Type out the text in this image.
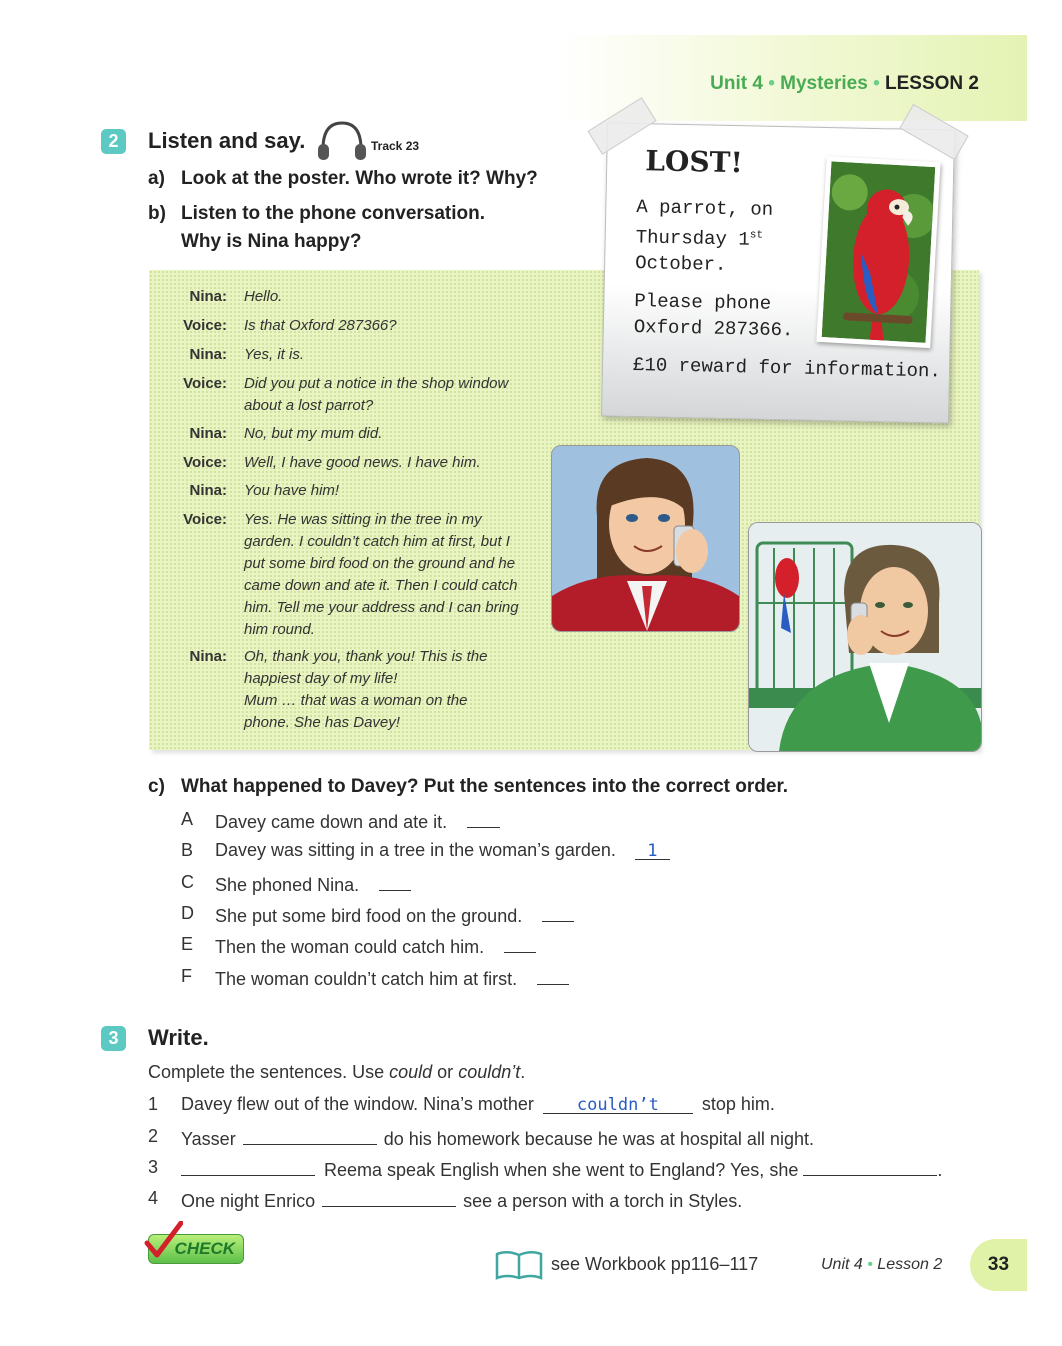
Unit 4 • Mysteries • LESSON 2
2	Listen and say.	Track 23
a) Look at the poster. Who wrote it? Why?
b) Listen to the phone conversation.
Why is Nina happy?
Nina: Hello.
Voice: Is that Oxford 287366?
Nina: Yes, it is.
Voice: Did you put a notice in the shop window
about a lost parrot?
Nina: No, but my mum did.
Voice: Well, I have good news. I have him.
Nina: You have him!
Voice: Yes. He was sitting in the tree in my
garden. I couldn’t catch him at first, but I
put some bird food on the ground and he
came down and ate it. Then I could catch
him. Tell me your address and I can bring
him round.
Nina: Oh, thank you, thank you! This is the
happiest day of my life!
Mum … that was a woman on the
phone. She has Davey!
LOST!
A parrot, on
Thursday 1st
October.
Please phone
Oxford 287366.
£10 reward for information.
c) What happened to Davey? Put the sentences into the correct order.
A Davey came down and ate it.
B Davey was sitting in a tree in the woman’s garden. 1
C She phoned Nina.
D She put some bird food on the ground.
E Then the woman could catch him.
F The woman couldn’t catch him at first.
3	Write.
Complete the sentences. Use could or couldn’t.
1 Davey flew out of the window. Nina’s mother	couldn’t stop him.
2 Yasser	do his homework because he was at hospital all night.
3	Reema speak English when she went to England? Yes, she	.
4 One night Enrico	see a person with a torch in Styles.
CHECK
see Workbook pp116–117	Unit 4 • Lesson 2	33
